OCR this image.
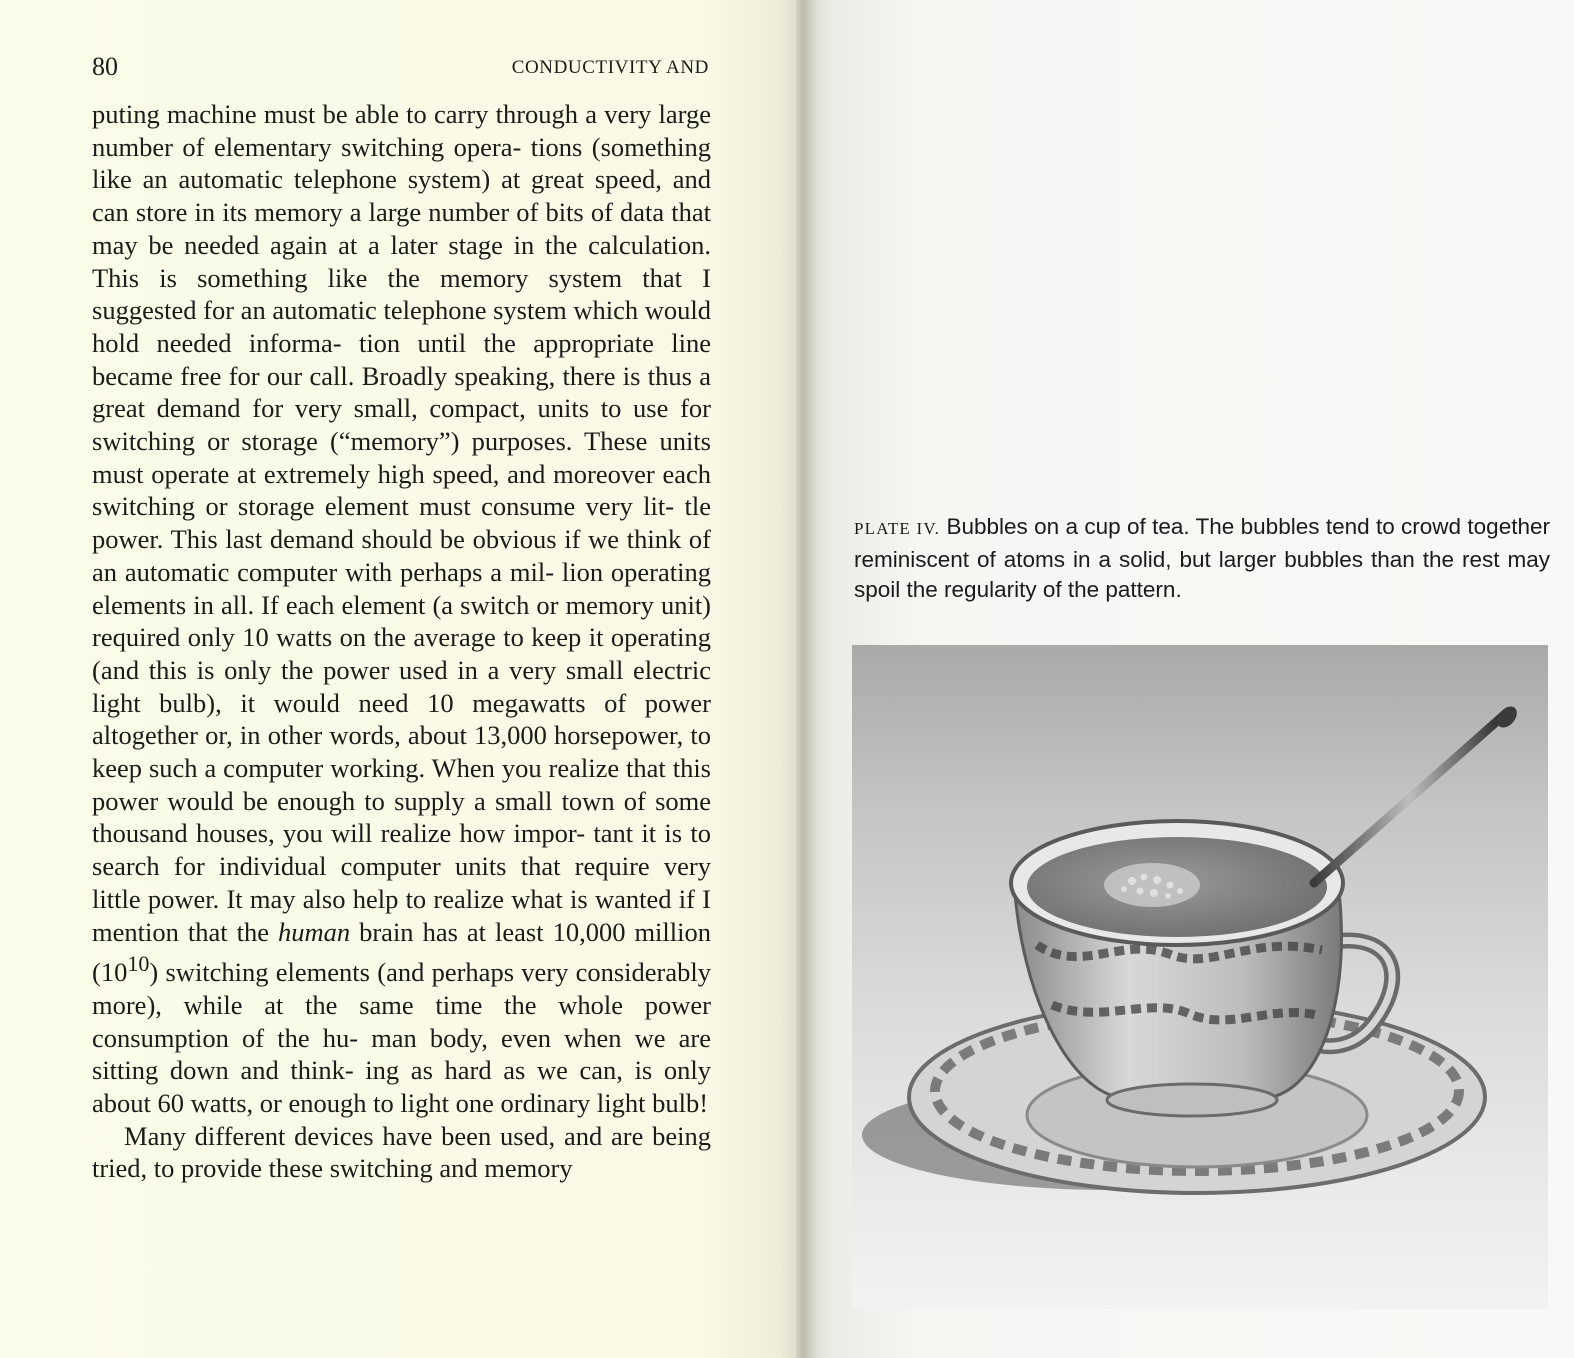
80	CONDUCTIVITY AND

puting machine must be able to carry through a very large number of elementary switching opera- tions (something like an automatic telephone system) at great speed, and can store in its memory a large number of bits of data that may be needed again at a later stage in the calculation. This is something like the memory system that I suggested for an automatic telephone system which would hold needed informa- tion until the appropriate line became free for our call. Broadly speaking, there is thus a great demand for very small, compact, units to use for switching or storage (“memory”) purposes. These units must operate at extremely high speed, and moreover each switching or storage element must consume very lit- tle power. This last demand should be obvious if we think of an automatic computer with perhaps a mil- lion operating elements in all. If each element (a switch or memory unit) required only 10 watts on the average to keep it operating (and this is only the power used in a very small electric light bulb), it would need 10 megawatts of power altogether or, in other words, about 13,000 horsepower, to keep such a computer working. When you realize that this power would be enough to supply a small town of some thousand houses, you will realize how impor- tant it is to search for individual computer units that require very little power. It may also help to realize what is wanted if I mention that the human brain has at least 10,000 million $(10^{10})$ switching elements (and perhaps very considerably more), while at the same time the whole power consumption of the hu- man body, even when we are sitting down and think- ing as hard as we can, is only about 60 watts, or enough to light one ordinary light bulb!

Many different devices have been used, and are being tried, to provide these switching and memory

PLATE IV. Bubbles on a cup of tea. The bubbles tend to crowd together reminiscent of atoms in a solid, but larger bubbles than the rest may spoil the regularity of the pattern.
